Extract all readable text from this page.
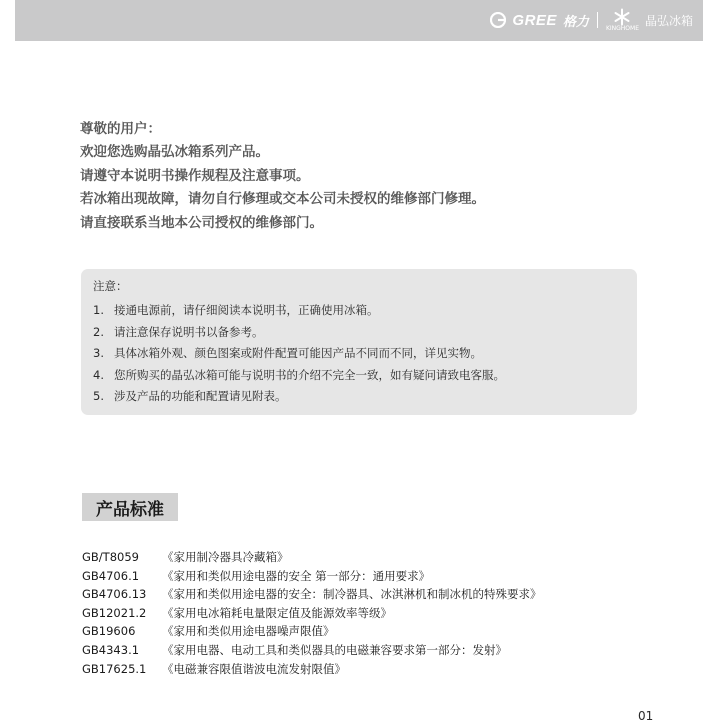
GREE 格力	KINGHOME
晶弘冰箱
尊敬的用户：
欢迎您选购晶弘冰箱系列产品。
请遵守本说明书操作规程及注意事项。
若冰箱出现故障，请勿自行修理或交本公司未授权的维修部门修理。
请直接联系当地本公司授权的维修部门。
注意：
1. 接通电源前，请仔细阅读本说明书，正确使用冰箱。
2. 请注意保存说明书以备参考。
3. 具体冰箱外观、颜色图案或附件配置可能因产品不同而不同，详见实物。
4. 您所购买的晶弘冰箱可能与说明书的介绍不完全一致，如有疑问请致电客服。
5. 涉及产品的功能和配置请见附表。
产品标准
GB/T8059	《家用制冷器具冷藏箱》
GB4706.1	《家用和类似用途电器的安全 第一部分：通用要求》
GB4706.13	《家用和类似用途电器的安全：制冷器具、冰淇淋机和制冰机的特殊要求》
GB12021.2	《家用电冰箱耗电量限定值及能源效率等级》
GB19606	《家用和类似用途电器噪声限值》
GB4343.1	《家用电器、电动工具和类似器具的电磁兼容要求第一部分：发射》
GB17625.1	《电磁兼容限值谐波电流发射限值》
01
